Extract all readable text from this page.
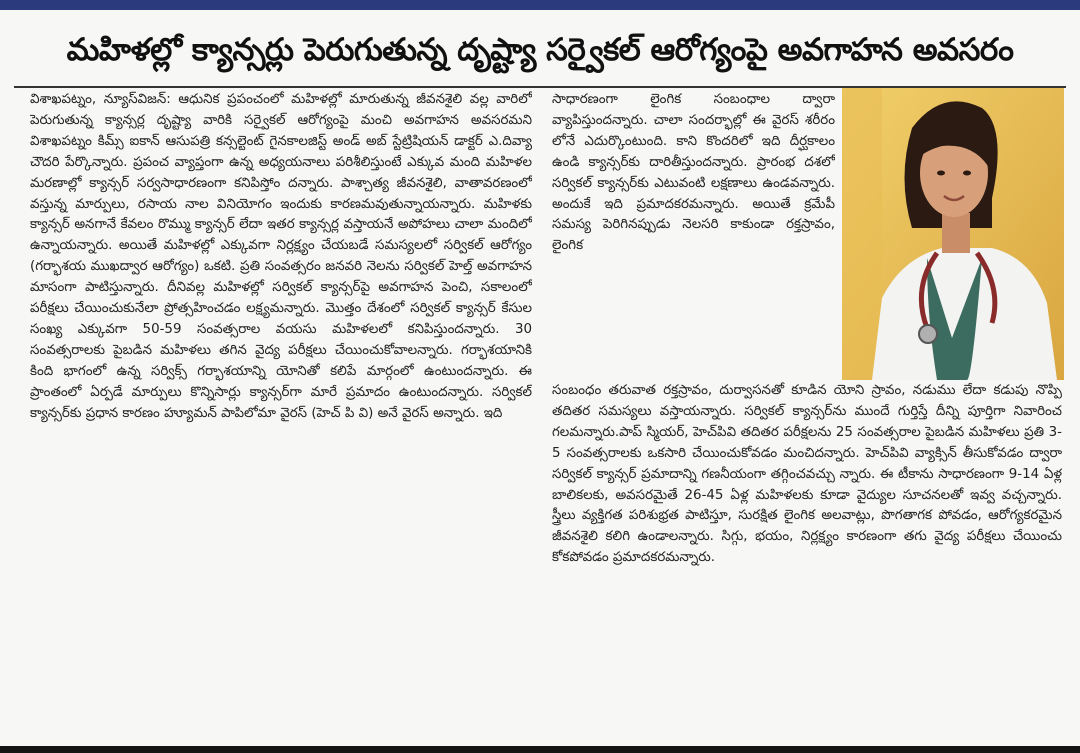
మహిళల్లో క్యాన్సర్లు పెరుగుతున్న దృష్ట్యా సర్వైకల్ ఆరోగ్యంపై అవగాహన అవసరం

విశాఖపట్నం, న్యూస్‌విజన్: ఆధునిక ప్రపంచంలో మహిళల్లో మారుతున్న జీవనశైలి వల్ల వారిలో పెరుగుతున్న క్యాన్సర్ల దృష్ట్యా వారికి సర్వైకల్ ఆరోగ్యంపై మంచి అవగాహన అవసరమని విశాఖపట్నం కిమ్స్ ఐకాన్ ఆసుపత్రి కన్సల్టెంట్ గైనకాలజిస్ట్ అండ్ అబ్ స్టేట్రిషియన్ డాక్టర్ ఎ.దివ్యా చౌదరి పేర్కొన్నారు. ప్రపంచ వ్యాప్తంగా ఉన్న అధ్యయనాలు పరిశీలిస్తుంటే ఎక్కువ మంది మహిళల మరణాల్లో క్యాన్సర్ సర్వసాధారణంగా కనిపిస్తోం దన్నారు. పాశ్చాత్య జీవనశైలి, వాతావరణంలో వస్తున్న మార్పులు, రసాయ నాల వినియోగం ఇందుకు కారణమవుతున్నాయన్నారు. మహిళకు క్యాన్సర్ అనగానే కేవలం రొమ్ము క్యాన్సర్ లేదా ఇతర క్యాన్సర్ల వస్తాయనే అపోహలు చాలా మందిలో ఉన్నాయన్నారు. అయితే మహిళల్లో ఎక్కువగా నిర్లక్ష్యం చేయబడే సమస్యలలో సర్వికల్ ఆరోగ్యం (గర్భాశయ ముఖద్వార ఆరోగ్యం) ఒకటి. ప్రతి సంవత్సరం జనవరి నెలను సర్వికల్ హెల్త్ అవగాహన మాసంగా పాటిస్తున్నారు. దీనివల్ల మహిళల్లో సర్వికల్ క్యాన్సర్‌పై అవగాహన పెంచి, సకాలంలో పరీక్షలు చేయించుకునేలా ప్రోత్సహించడం లక్ష్యమన్నారు. మొత్తం దేశంలో సర్వికల్ క్యాన్సర్ కేసుల సంఖ్య ఎక్కువగా 50-59 సంవత్సరాల వయసు మహిళలలో కనిపిస్తుందన్నారు. 30 సంవత్సరాలకు పైబడిన మహిళలు తగిన వైద్య పరీక్షలు చేయించుకోవాలన్నారు. గర్భాశయానికి కింది భాగంలో ఉన్న సర్విక్స్ గర్భాశయాన్ని యోనితో కలిపే మార్గంలో ఉంటుందన్నారు. ఈ ప్రాంతంలో ఏర్పడే మార్పులు కొన్నిసార్లు క్యాన్సర్‌గా మారే ప్రమాదం ఉంటుందన్నారు. సర్వికల్ క్యాన్సర్‌కు ప్రధాన కారణం హ్యూమన్ పాపిలోమా వైరస్ (హెచ్ పి వి) అనే వైరస్ అన్నారు. ఇది

సాధారణంగా లైంగిక సంబంధాల ద్వారా వ్యాపిస్తుందన్నారు. చాలా సందర్భాల్లో ఈ వైరస్ శరీరం లోనే ఎదుర్కొంటుంది. కాని కొందరిలో ఇది దీర్ఘకాలం ఉండి క్యాన్సర్‌కు దారితీస్తుందన్నారు. ప్రారంభ దశలో సర్వికల్ క్యాన్సర్‌కు ఎటువంటి లక్షణాలు ఉండవన్నారు. అందుకే ఇది ప్రమాదకరమన్నారు. అయితే క్రమేపీ సమస్య పెరిగినప్పుడు నెలసరి కాకుండా రక్తస్రావం, లైంగిక

సంబంధం తరువాత రక్తస్రావం, దుర్వాసనతో కూడిన యోని స్రావం, నడుము లేదా కడుపు నొప్పి తదితర సమస్యలు వస్తాయన్నారు. సర్వికల్ క్యాన్సర్‌ను ముందే గుర్తిస్తే దీన్ని పూర్తిగా నివారించ గలమన్నారు.పాప్ స్మియర్, హెచ్‌పివి తదితర పరీక్షలను 25 సంవత్సరాల పైబడిన మహిళలు ప్రతి 3-5 సంవత్సరాలకు ఒకసారి చేయించుకోవడం మంచిదన్నారు. హెచ్‌పివి వ్యాక్సిన్ తీసుకోవడం ద్వారా సర్వికల్ క్యాన్సర్ ప్రమాదాన్ని గణనీయంగా తగ్గించవచ్చు న్నారు. ఈ టీకాను సాధారణంగా 9-14 ఏళ్ల బాలికలకు, అవసరమైతే 26-45 ఏళ్ల మహిళలకు కూడా వైద్యుల సూచనలతో ఇవ్వ వచ్చన్నారు. స్త్రీలు వ్యక్తిగత పరిశుభ్రత పాటిస్తూ, సురక్షిత లైంగిక అలవాట్లు, పొగతాగక పోవడం, ఆరోగ్యకరమైన జీవనశైలి కలిగి ఉండాలన్నారు. సిగ్గు, భయం, నిర్లక్ష్యం కారణంగా తగు వైద్య పరీక్షలు చేయించు కోకపోవడం ప్రమాదకరమన్నారు.
